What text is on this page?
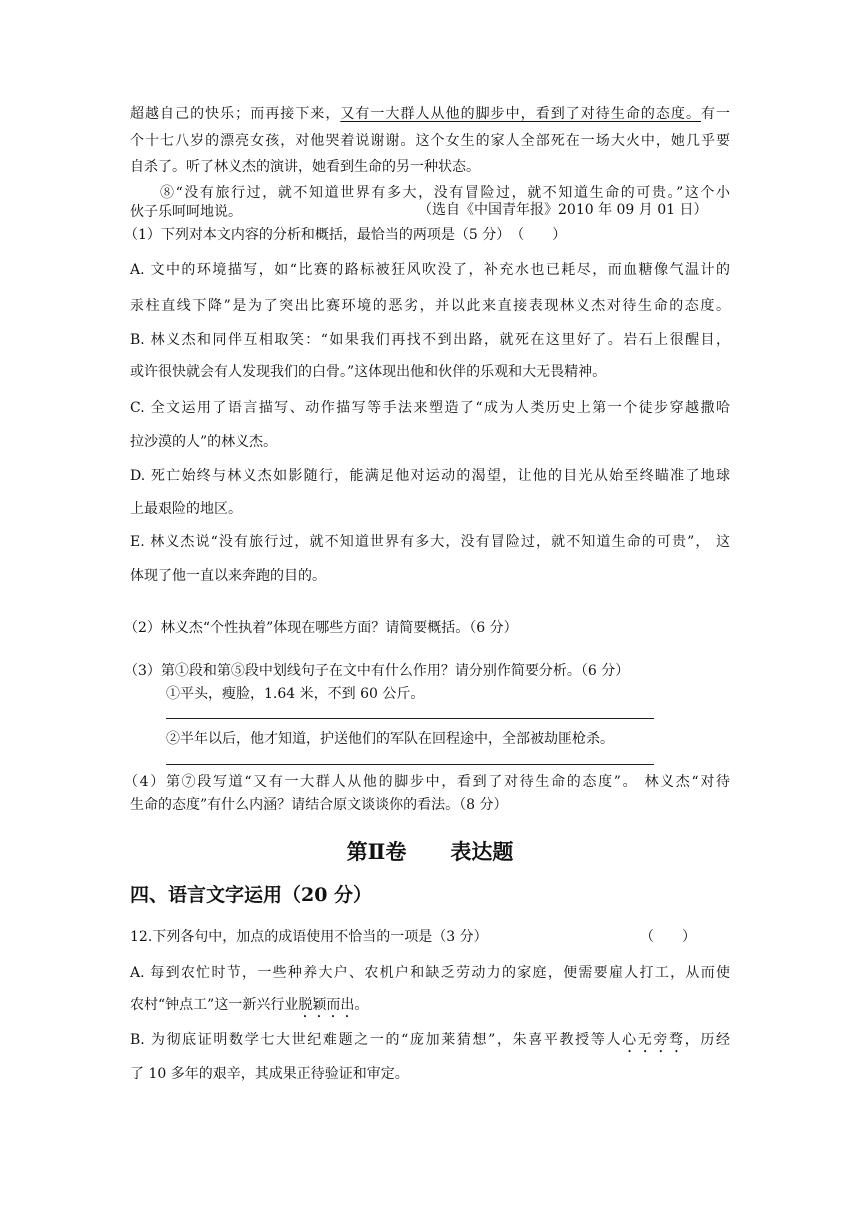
超越自己的快乐；而再接下来，又有一大群人从他的脚步中，看到了对待生命的态度。有一
个十七八岁的漂亮女孩，对他哭着说谢谢。这个女生的家人全部死在一场大火中，她几乎要
自杀了。听了林义杰的演讲，她看到生命的另一种状态。
⑧“没有旅行过，就不知道世界有多大，没有冒险过，就不知道生命的可贵。”这个小
伙子乐呵呵地说。	（选自《中国青年报》2010 年 09 月 01 日）
（1）下列对本文内容的分析和概括，最恰当的两项是（5 分）　（　　）
A. 文中的环境描写，如“比赛的路标被狂风吹没了，补充水也已耗尽，而血糖像气温计的
汞柱直线下降”是为了突出比赛环境的恶劣，并以此来直接表现林义杰对待生命的态度。
B. 林义杰和同伴互相取笑：“如果我们再找不到出路，就死在这里好了。岩石上很醒目，
或许很快就会有人发现我们的白骨。”这体现出他和伙伴的乐观和大无畏精神。
C. 全文运用了语言描写、动作描写等手法来塑造了“成为人类历史上第一个徒步穿越撒哈
拉沙漠的人”的林义杰。
D. 死亡始终与林义杰如影随行，能满足他对运动的渴望，让他的目光从始至终瞄准了地球
上最艰险的地区。
E. 林义杰说“没有旅行过，就不知道世界有多大，没有冒险过，就不知道生命的可贵”， 这
体现了他一直以来奔跑的目的。
（2）林义杰“个性执着”体现在哪些方面？请简要概括。（6 分）
（3）第①段和第⑤段中划线句子在文中有什么作用？请分别作简要分析。（6 分）
①平头，瘦脸，1.64 米，不到 60 公斤。
②半年以后，他才知道，护送他们的军队在回程途中，全部被劫匪枪杀。
（4）第⑦段写道“又有一大群人从他的脚步中，看到了对待生命的态度”。 林义杰“对待
生命的态度”有什么内涵？请结合原文谈谈你的看法。（8 分）
第Ⅱ卷 表达题
四、语言文字运用（20 分）
12.下列各句中，加点的成语使用不恰当的一项是（3 分）	（　　）
A. 每到农忙时节，一些种养大户、农机户和缺乏劳动力的家庭，便需要雇人打工，从而使
农村“钟点工”这一新兴行业脱颖而出。
B. 为彻底证明数学七大世纪难题之一的“庞加莱猜想”，朱喜平教授等人心无旁骛，历经
了 10 多年的艰辛，其成果正待验证和审定。
